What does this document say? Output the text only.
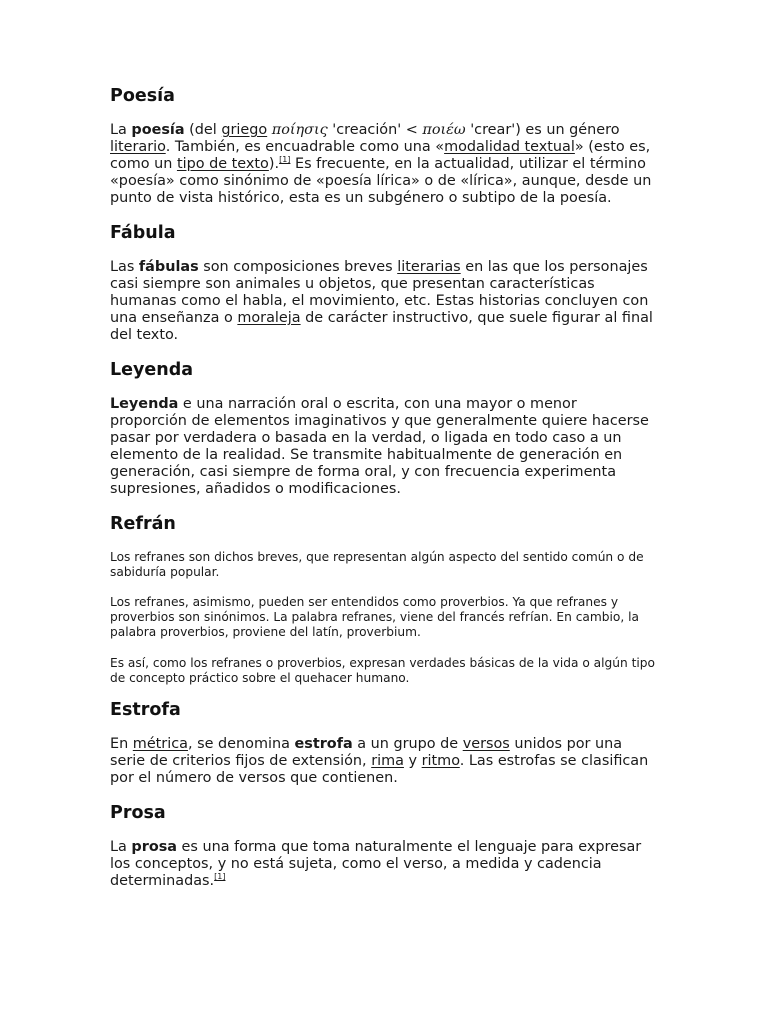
Poesía

La poesía (del griego ποίησις 'creación' < ποιέω 'crear') es un género literario. También, es encuadrable como una «modalidad textual» (esto es, como un tipo de texto).[1] Es frecuente, en la actualidad, utilizar el término «poesía» como sinónimo de «poesía lírica» o de «lírica», aunque, desde un punto de vista histórico, esta es un subgénero o subtipo de la poesía.

Fábula

Las fábulas son composiciones breves literarias en las que los personajes casi siempre son animales u objetos, que presentan características humanas como el habla, el movimiento, etc. Estas historias concluyen con una enseñanza o moraleja de carácter instructivo, que suele figurar al final del texto.

Leyenda

Leyenda e una narración oral o escrita, con una mayor o menor proporción de elementos imaginativos y que generalmente quiere hacerse pasar por verdadera o basada en la verdad, o ligada en todo caso a un elemento de la realidad. Se transmite habitualmente de generación en generación, casi siempre de forma oral, y con frecuencia experimenta supresiones, añadidos o modificaciones.

Refrán

Los refranes son dichos breves, que representan algún aspecto del sentido común o de sabiduría popular.

Los refranes, asimismo, pueden ser entendidos como proverbios. Ya que refranes y proverbios son sinónimos. La palabra refranes, viene del francés refrían. En cambio, la palabra proverbios, proviene del latín, proverbium.

Es así, como los refranes o proverbios, expresan verdades básicas de la vida o algún tipo de concepto práctico sobre el quehacer humano.

Estrofa

En métrica, se denomina estrofa a un grupo de versos unidos por una serie de criterios fijos de extensión, rima y ritmo. Las estrofas se clasifican por el número de versos que contienen.

Prosa

La prosa es una forma que toma naturalmente el lenguaje para expresar los conceptos, y no está sujeta, como el verso, a medida y cadencia determinadas.[1]
